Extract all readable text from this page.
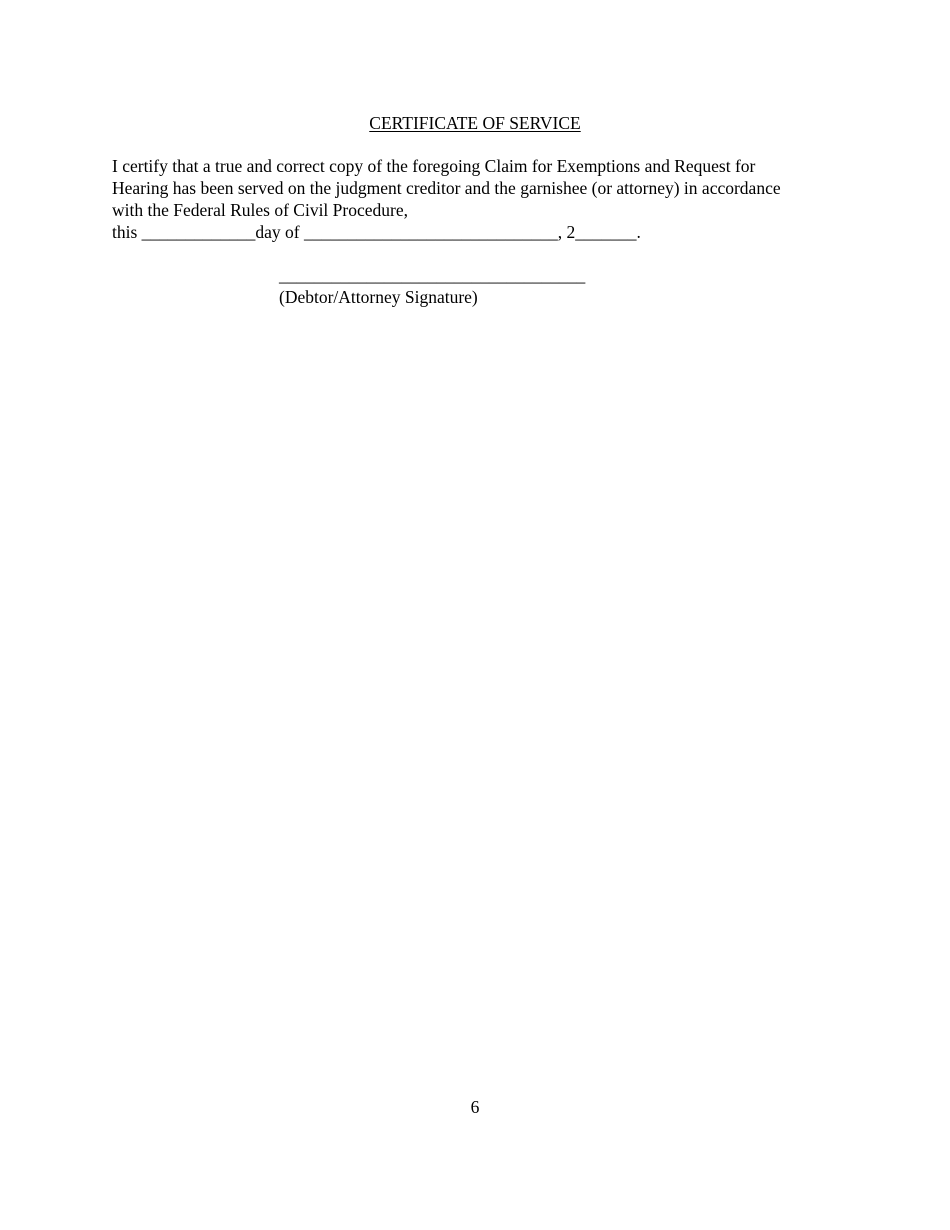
CERTIFICATE OF SERVICE
I certify that a true and correct copy of the foregoing Claim for Exemptions and Request for
Hearing has been served on the judgment creditor and the garnishee (or attorney) in accordance
with the Federal Rules of Civil Procedure,
this _____________day of _____________________________, 2_______.
___________________________________
(Debtor/Attorney Signature)
6
